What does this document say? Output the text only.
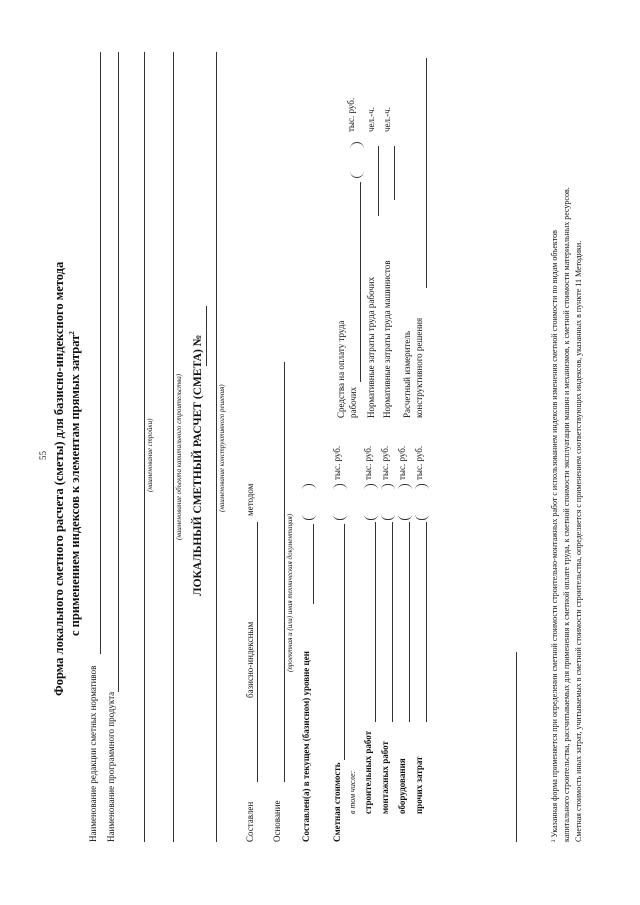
55 Форма локального сметного расчета (сметы) для базисно-индексного метода с применением индексов к элементам прямых затрат$^2$
Наименование редакции сметных нормативов Наименование программного продукта
(наименование стройки)	(наименование объекта капитального строительства) ЛОКАЛЬНЫЙ СМЕТНЫЙ РАСЧЕТ (СМЕТА) № (наименование конструктивного решения)
Составлен
базисно-индексным
методом
Основание
(проектная и (или) иная техническая документация)
Составлен(а) в текущем (базисном) уровне цен Сметная стоимость
тыс. руб.
в том числе: строительных работ
тыс. руб.
монтажных работ
тыс. руб.
оборудования
тыс. руб.
прочих затрат
тыс. руб.
Средства на оплату труда рабочих
тыс. руб.
Нормативные затраты труда рабочих
чел.-ч.
Нормативные затраты труда машинистов
чел.-ч.
Расчетный измеритель конструктивного решения	² Указанная форма применяется при определении сметной стоимости строительно-монтажных работ с использованием индексов изменения сметной стоимости по видам объектов капитального строительства, рассчитываемых для применения к сметной оплате труда, к сметной стоимости эксплуатации машин и механизмов, к сметной стоимости материальных ресурсов. Сметная стоимость иных затрат, учитываемых в сметной стоимости строительства, определяется с применением соответствующих индексов, указанных в пункте 11 Методики.
